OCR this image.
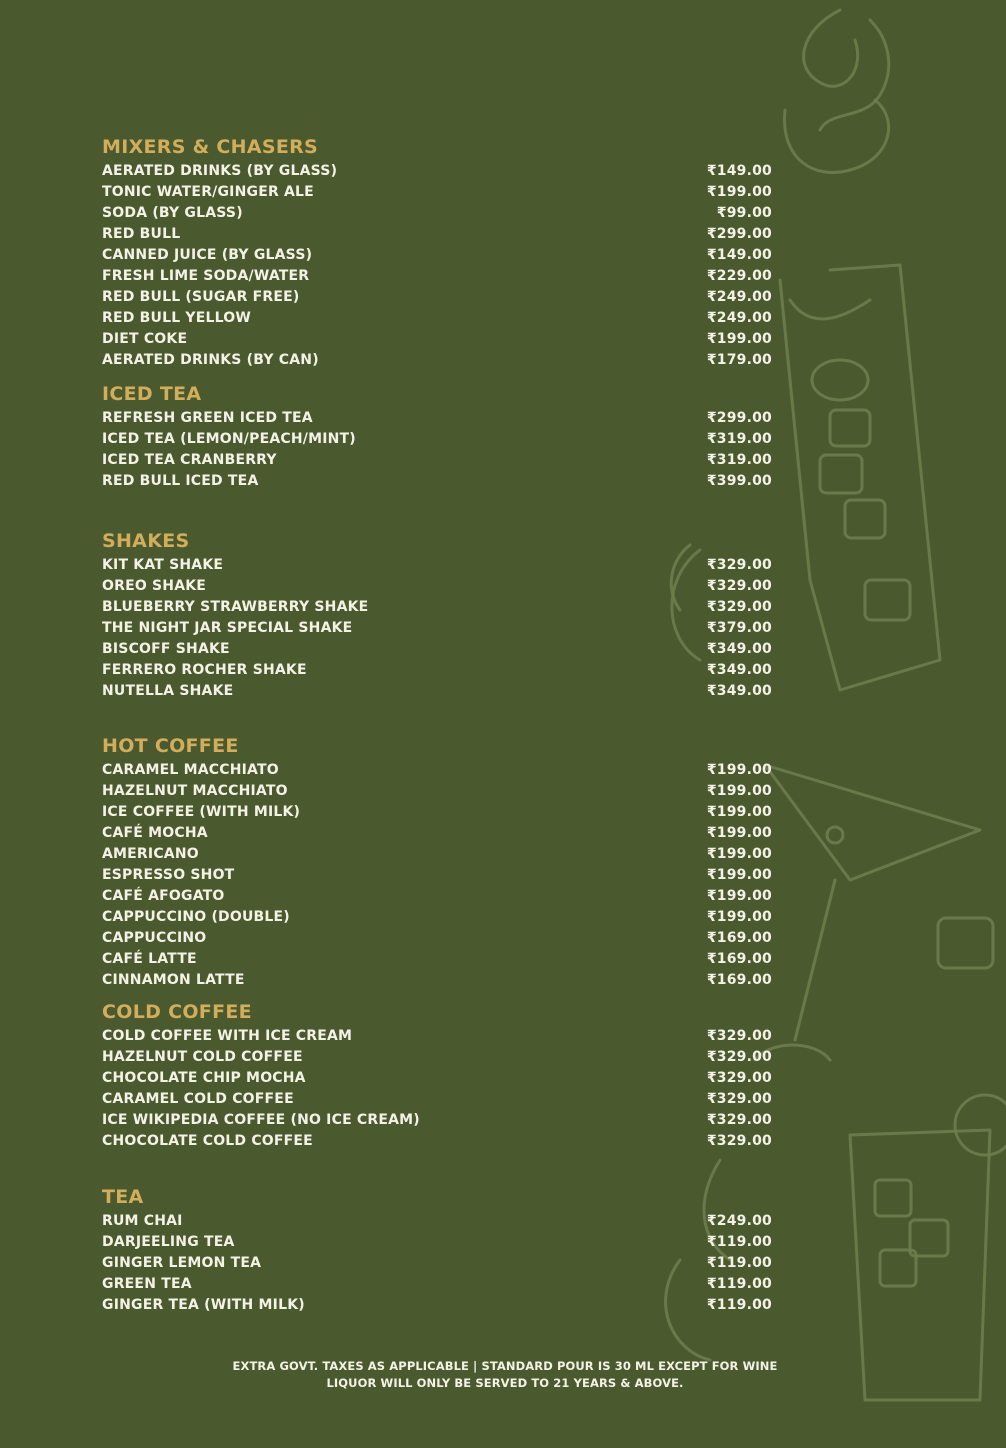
MIXERS & CHASERS
AERATED DRINKS (BY GLASS)	₹149.00
TONIC WATER/GINGER ALE	₹199.00
SODA (BY GLASS)	₹99.00
RED BULL	₹299.00
CANNED JUICE (BY GLASS)	₹149.00
FRESH LIME SODA/WATER	₹229.00
RED BULL (SUGAR FREE)	₹249.00
RED BULL YELLOW	₹249.00
DIET COKE	₹199.00
AERATED DRINKS (BY CAN)	₹179.00
ICED TEA
REFRESH GREEN ICED TEA	₹299.00
ICED TEA (LEMON/PEACH/MINT)	₹319.00
ICED TEA CRANBERRY	₹319.00
RED BULL ICED TEA	₹399.00
SHAKES
KIT KAT SHAKE	₹329.00
OREO SHAKE	₹329.00
BLUEBERRY STRAWBERRY SHAKE	₹329.00
THE NIGHT JAR SPECIAL SHAKE	₹379.00
BISCOFF SHAKE	₹349.00
FERRERO ROCHER SHAKE	₹349.00
NUTELLA SHAKE	₹349.00
HOT COFFEE
CARAMEL MACCHIATO	₹199.00
HAZELNUT MACCHIATO	₹199.00
ICE COFFEE (WITH MILK)	₹199.00
CAFÉ MOCHA	₹199.00
AMERICANO	₹199.00
ESPRESSO SHOT	₹199.00
CAFÉ AFOGATO	₹199.00
CAPPUCCINO (DOUBLE)	₹199.00
CAPPUCCINO	₹169.00
CAFÉ LATTE	₹169.00
CINNAMON LATTE	₹169.00
COLD COFFEE
COLD COFFEE WITH ICE CREAM	₹329.00
HAZELNUT COLD COFFEE	₹329.00
CHOCOLATE CHIP MOCHA	₹329.00
CARAMEL COLD COFFEE	₹329.00
ICE WIKIPEDIA COFFEE (NO ICE CREAM)	₹329.00
CHOCOLATE COLD COFFEE	₹329.00
TEA
RUM CHAI	₹249.00
DARJEELING TEA	₹119.00
GINGER LEMON TEA	₹119.00
GREEN TEA	₹119.00
GINGER TEA (WITH MILK)	₹119.00
EXTRA GOVT. TAXES AS APPLICABLE | STANDARD POUR IS 30 ML EXCEPT FOR WINE
LIQUOR WILL ONLY BE SERVED TO 21 YEARS & ABOVE.
